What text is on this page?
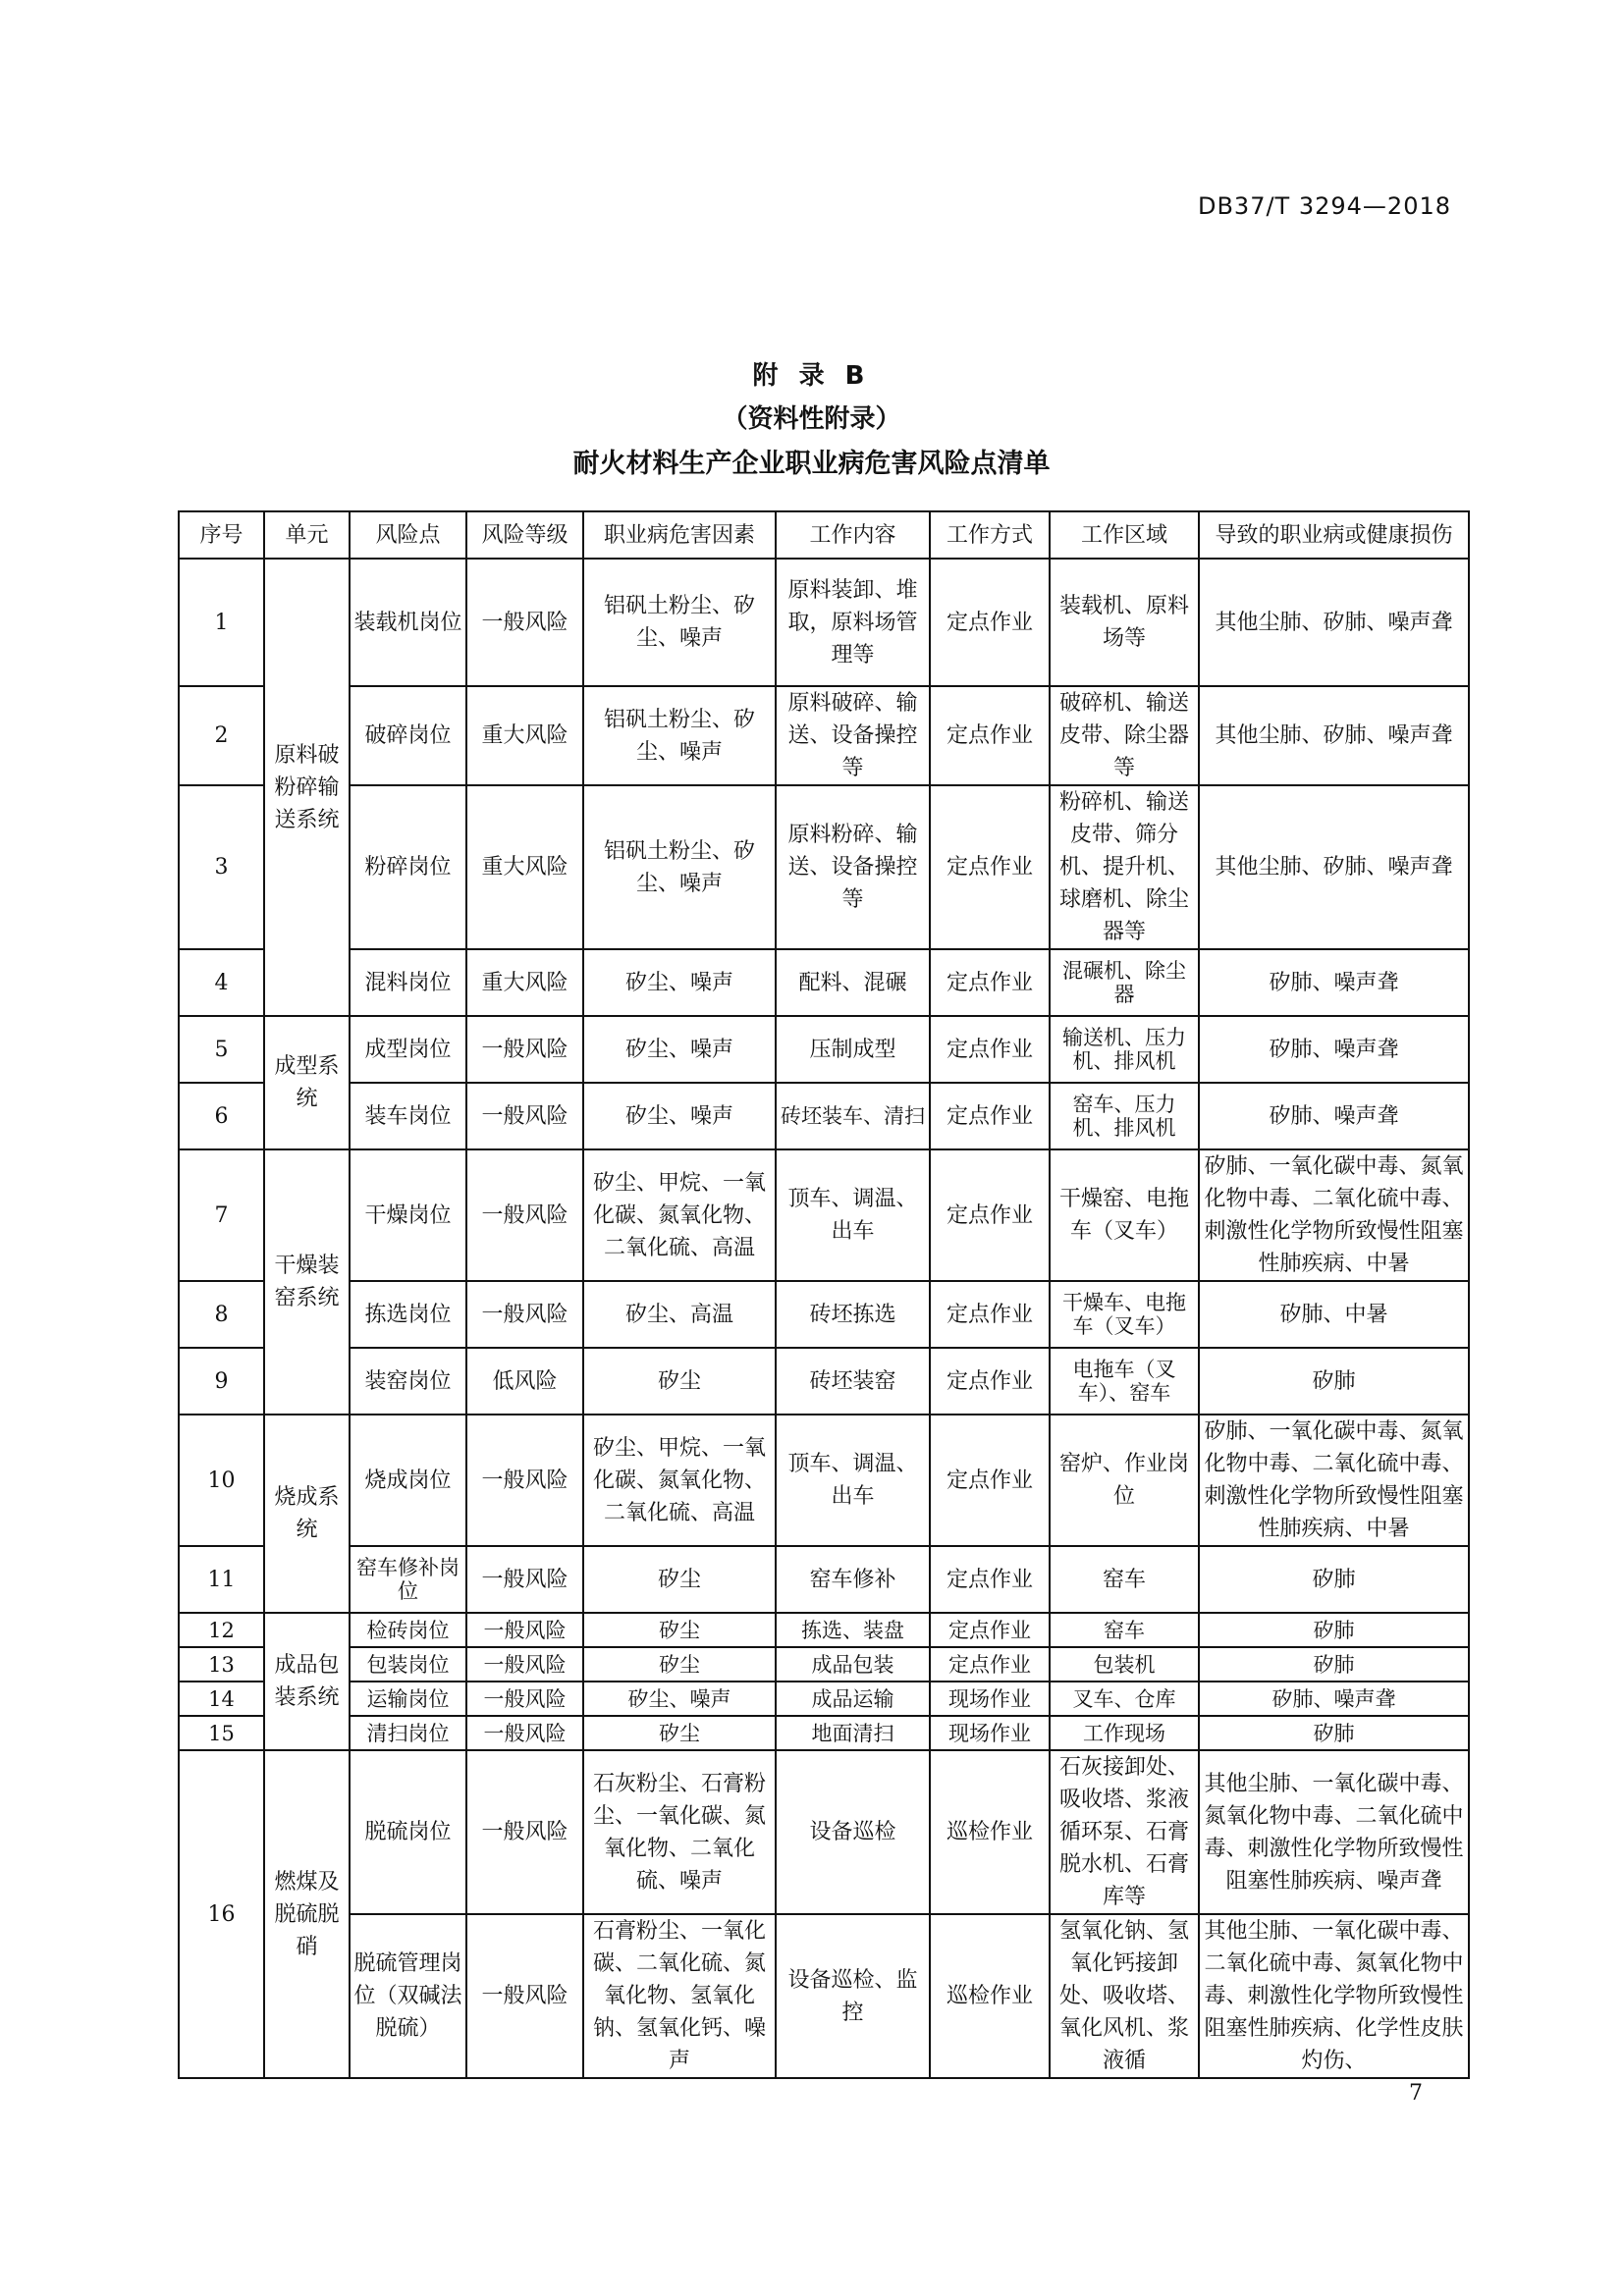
DB37/T 3294—2018
附 录 B
（资料性附录）
耐火材料生产企业职业病危害风险点清单
序号	单元	风险点	风险等级	职业病危害因素	工作内容	工作方式	工作区域	导致的职业病或健康损伤
1	原料破粉碎输送系统	装载机岗位	一般风险	铝矾土粉尘、矽尘、噪声	原料装卸、堆取，原料场管理等	定点作业	装载机、原料场等	其他尘肺、矽肺、噪声聋
2		破碎岗位	重大风险	铝矾土粉尘、矽尘、噪声	原料破碎、输送、设备操控等	定点作业	破碎机、输送皮带、除尘器等	其他尘肺、矽肺、噪声聋
3		粉碎岗位	重大风险	铝矾土粉尘、矽尘、噪声	原料粉碎、输送、设备操控等	定点作业	粉碎机、输送皮带、筛分机、提升机、球磨机、除尘器等	其他尘肺、矽肺、噪声聋
4		混料岗位	重大风险	矽尘、噪声	配料、混碾	定点作业	混碾机、除尘器	矽肺、噪声聋
5	成型系统	成型岗位	一般风险	矽尘、噪声	压制成型	定点作业	输送机、压力机、排风机	矽肺、噪声聋
6		装车岗位	一般风险	矽尘、噪声	砖坯装车、清扫	定点作业	窑车、压力机、排风机	矽肺、噪声聋
7	干燥装窑系统	干燥岗位	一般风险	矽尘、甲烷、一氧化碳、氮氧化物、二氧化硫、高温	顶车、调温、出车	定点作业	干燥窑、电拖车（叉车）	矽肺、一氧化碳中毒、氮氧化物中毒、二氧化硫中毒、刺激性化学物所致慢性阻塞性肺疾病、中暑
8		拣选岗位	一般风险	矽尘、高温	砖坯拣选	定点作业	干燥车、电拖车（叉车）	矽肺、中暑
9		装窑岗位	低风险	矽尘	砖坯装窑	定点作业	电拖车（叉车）、窑车	矽肺
10	烧成系统	烧成岗位	一般风险	矽尘、甲烷、一氧化碳、氮氧化物、二氧化硫、高温	顶车、调温、出车	定点作业	窑炉、作业岗位	矽肺、一氧化碳中毒、氮氧化物中毒、二氧化硫中毒、刺激性化学物所致慢性阻塞性肺疾病、中暑
11		窑车修补岗位	一般风险	矽尘	窑车修补	定点作业	窑车	矽肺
12	成品包装系统	检砖岗位	一般风险	矽尘	拣选、装盘	定点作业	窑车	矽肺
13		包装岗位	一般风险	矽尘	成品包装	定点作业	包装机	矽肺
14		运输岗位	一般风险	矽尘、噪声	成品运输	现场作业	叉车、仓库	矽肺、噪声聋
15		清扫岗位	一般风险	矽尘	地面清扫	现场作业	工作现场	矽肺
16	燃煤及脱硫脱硝	脱硫岗位	一般风险	石灰粉尘、石膏粉尘、一氧化碳、氮氧化物、二氧化硫、噪声	设备巡检	巡检作业	石灰接卸处、吸收塔、浆液循环泵、石膏脱水机、石膏库等	其他尘肺、一氧化碳中毒、氮氧化物中毒、二氧化硫中毒、刺激性化学物所致慢性阻塞性肺疾病、噪声聋
		脱硫管理岗位（双碱法脱硫）	一般风险	石膏粉尘、一氧化碳、二氧化硫、氮氧化物、氢氧化钠、氢氧化钙、噪声	设备巡检、监控	巡检作业	氢氧化钠、氢氧化钙接卸处、吸收塔、氧化风机、浆液循	其他尘肺、一氧化碳中毒、二氧化硫中毒、氮氧化物中毒、刺激性化学物所致慢性阻塞性肺疾病、化学性皮肤灼伤、
7
